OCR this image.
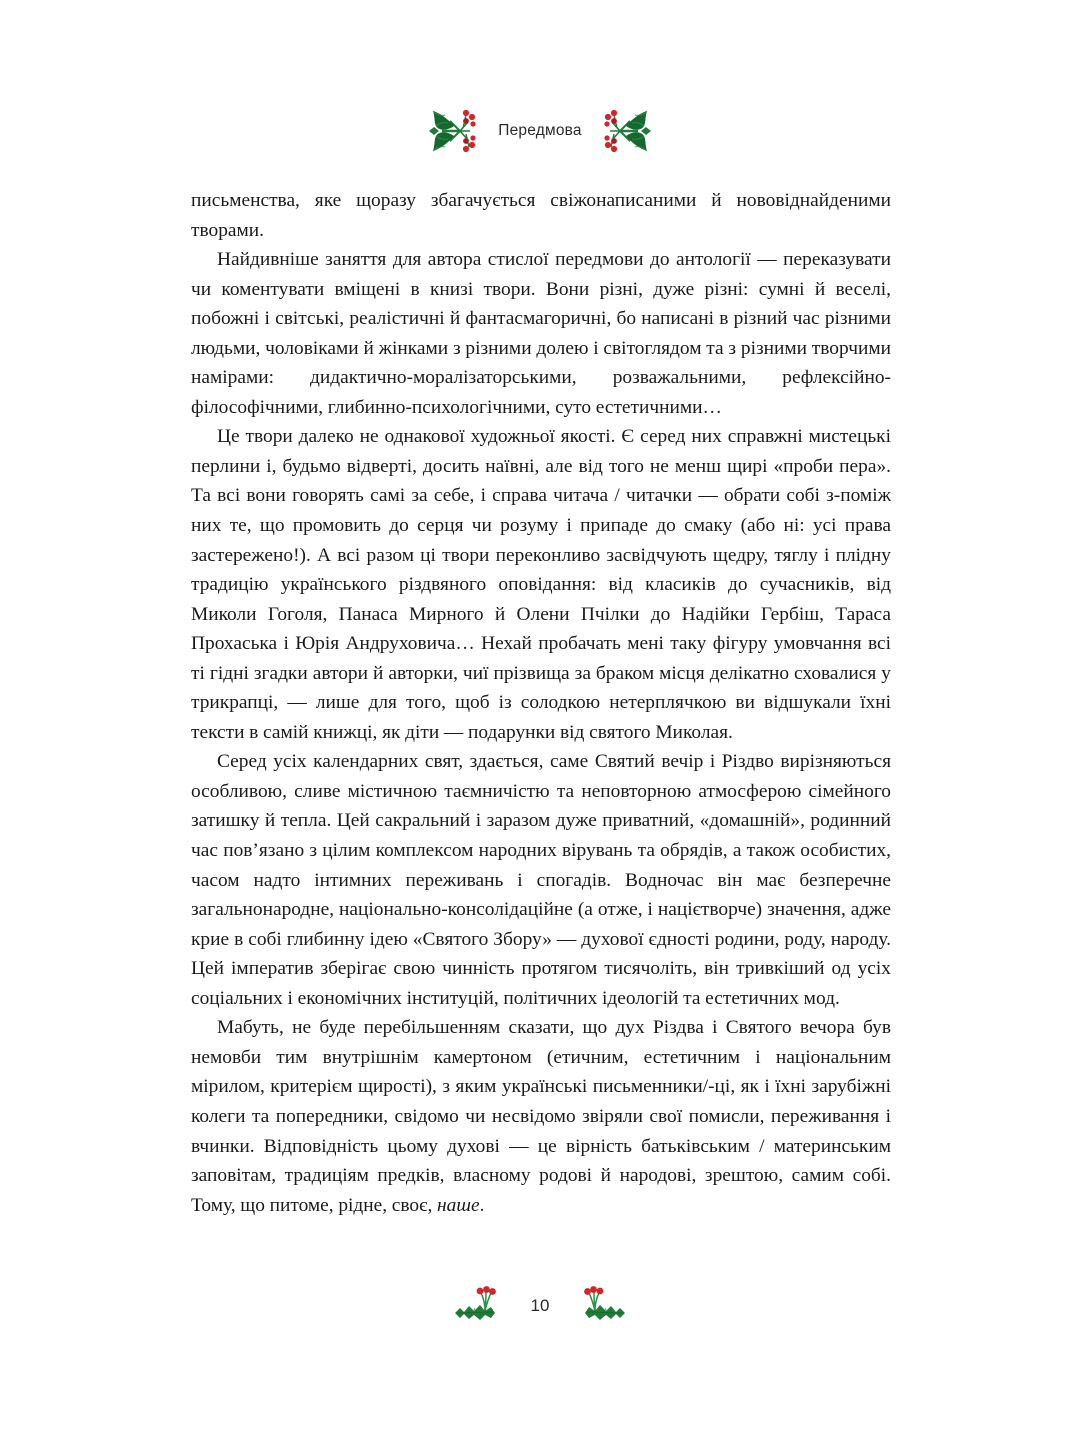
Передмова

письменства, яке щоразу збагачується свіжонаписаними й нововіднайденими творами.

Найдивніше заняття для автора стислої передмови до антології — переказувати чи коментувати вміщені в книзі твори. Вони різні, дуже різні: сумні й веселі, побожні і світські, реалістичні й фантасмагоричні, бо написані в різний час різними людьми, чоловіками й жінками з різними долею і світоглядом та з різними творчими намірами: дидактично-моралізаторськими, розважальними, рефлексійно-філософічними, глибинно-психологічними, суто естетичними…

Це твори далеко не однакової художньої якості. Є серед них справжні мистецькі перлини і, будьмо відверті, досить наївні, але від того не менш щирі «проби пера». Та всі вони говорять самі за себе, і справа читача / читачки — обрати собі з-поміж них те, що промовить до серця чи розуму і припаде до смаку (або ні: усі права застережено!). А всі разом ці твори переконливо засвідчують щедру, тяглу і плідну традицію українського різдвяного оповідання: від класиків до сучасників, від Миколи Гоголя, Панаса Мирного й Олени Пчілки до Надійки Гербіш, Тараса Прохаська і Юрія Андруховича… Нехай пробачать мені таку фігуру умовчання всі ті гідні згадки автори й авторки, чиї прізвища за браком місця делікатно сховалися у трикрапці, — лише для того, щоб із солодкою нетерплячкою ви відшукали їхні тексти в самій книжці, як діти — подарунки від святого Миколая.

Серед усіх календарних свят, здається, саме Святий вечір і Різдво вирізняються особливою, сливе містичною таємничістю та неповторною атмосферою сімейного затишку й тепла. Цей сакральний і заразом дуже приватний, «домашній», родинний час пов’язано з цілим комплексом народних вірувань та обрядів, а також особистих, часом надто інтимних переживань і спогадів. Водночас він має безперечне загальнонародне, національно-консолідаційне (а отже, і націєтворче) значення, адже крие в собі глибинну ідею «Святого Збору» — духової єдності родини, роду, народу. Цей імператив зберігає свою чинність протягом тисячоліть, він тривкіший од усіх соціальних і економічних інституцій, політичних ідеологій та естетичних мод.

Мабуть, не буде перебільшенням сказати, що дух Різдва і Святого вечора був немовби тим внутрішнім камертоном (етичним, естетичним і національним мірилом, критерієм щирості), з яким українські письменники/-ці, як і їхні зарубіжні колеги та попередники, свідомо чи несвідомо звіряли свої помисли, переживання і вчинки. Відповідність цьому духові — це вірність батьківським / материнським заповітам, традиціям предків, власному родові й народові, зрештою, самим собі. Тому, що питоме, рідне, своє, наше.

10
